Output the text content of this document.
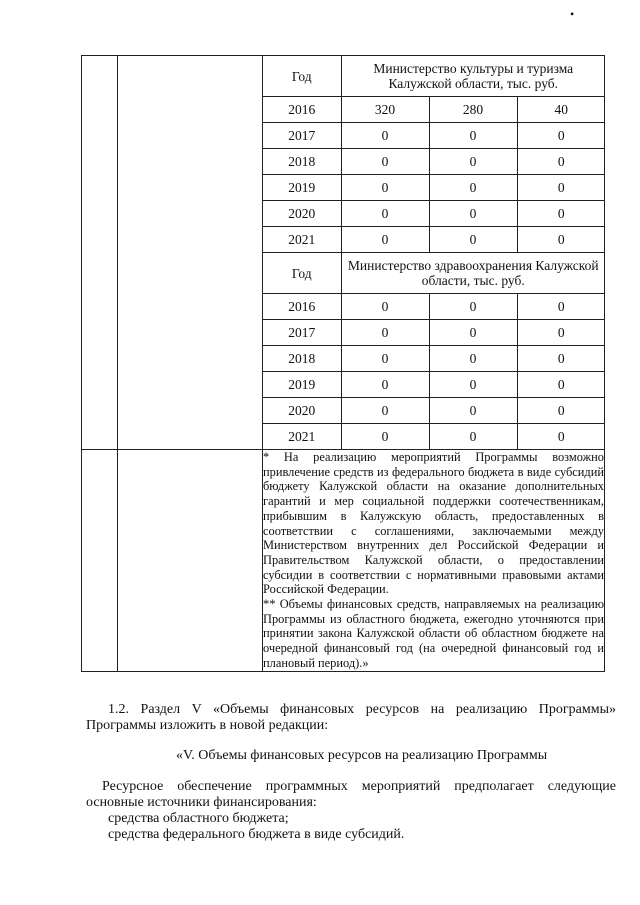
•

Год	Министерство культуры и туризма Калужской области, тыс. руб.
2016	320	280	40
2017	0	0	0
2018	0	0	0
2019	0	0	0
2020	0	0	0
2021	0	0	0
Год	Министерство здравоохранения Калужской области, тыс. руб.
2016	0	0	0
2017	0	0	0
2018	0	0	0
2019	0	0	0
2020	0	0	0
2021	0	0	0

* На реализацию мероприятий Программы возможно привлечение средств из федерального бюджета в виде субсидий бюджету Калужской области на оказание дополнительных гарантий и мер социальной поддержки соотечественникам, прибывшим в Калужскую область, предоставленных в соответствии с соглашениями, заключаемыми между Министерством внутренних дел Российской Федерации и Правительством Калужской области, о предоставлении субсидии в соответствии с нормативными правовыми актами Российской Федерации.
** Объемы финансовых средств, направляемых на реализацию Программы из областного бюджета, ежегодно уточняются при принятии закона Калужской области об областном бюджете на очередной финансовый год (на очередной финансовый год и плановый период).»

1.2. Раздел V «Объемы финансовых ресурсов на реализацию Программы» Программы изложить в новой редакции:

«V. Объемы финансовых ресурсов на реализацию Программы

Ресурсное обеспечение программных мероприятий предполагает следующие основные источники финансирования:

средства областного бюджета;
средства федерального бюджета в виде субсидий.
